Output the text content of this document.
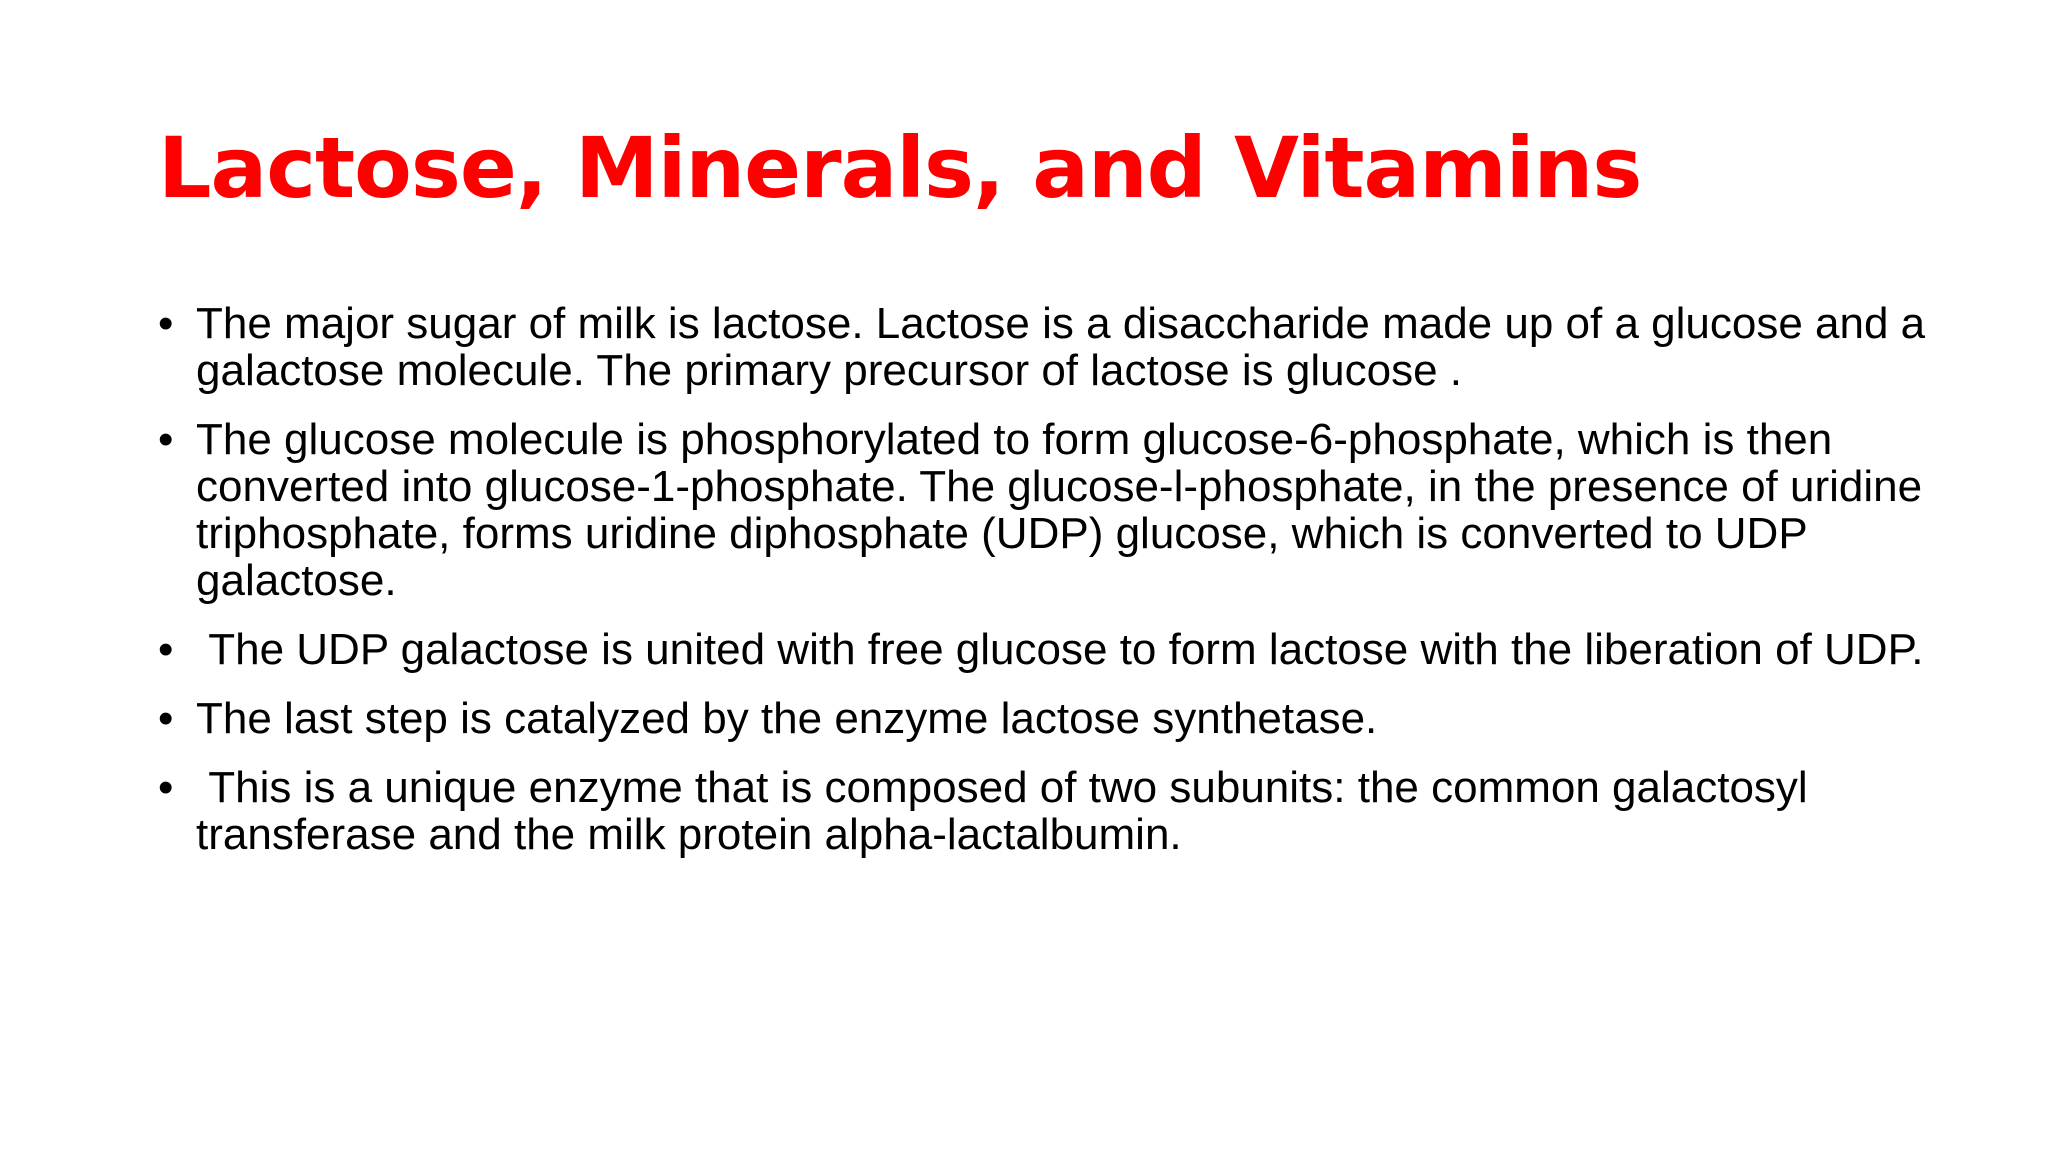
Lactose, Minerals, and Vitamins
• The major sugar of milk is lactose. Lactose is a disaccharide made up of a glucose and a galactose molecule. The primary precursor of lactose is glucose .
• The glucose molecule is phosphorylated to form glucose-6-phosphate, which is then converted into glucose-1-phosphate. The glucose-l-phosphate, in the presence of uridine triphosphate, forms uridine diphosphate (UDP) glucose, which is converted to UDP galactose.
• The UDP galactose is united with free glucose to form lactose with the liberation of UDP.
• The last step is catalyzed by the enzyme lactose synthetase.
• This is a unique enzyme that is composed of two subunits: the common galactosyl transferase and the milk protein alpha-lactalbumin.
